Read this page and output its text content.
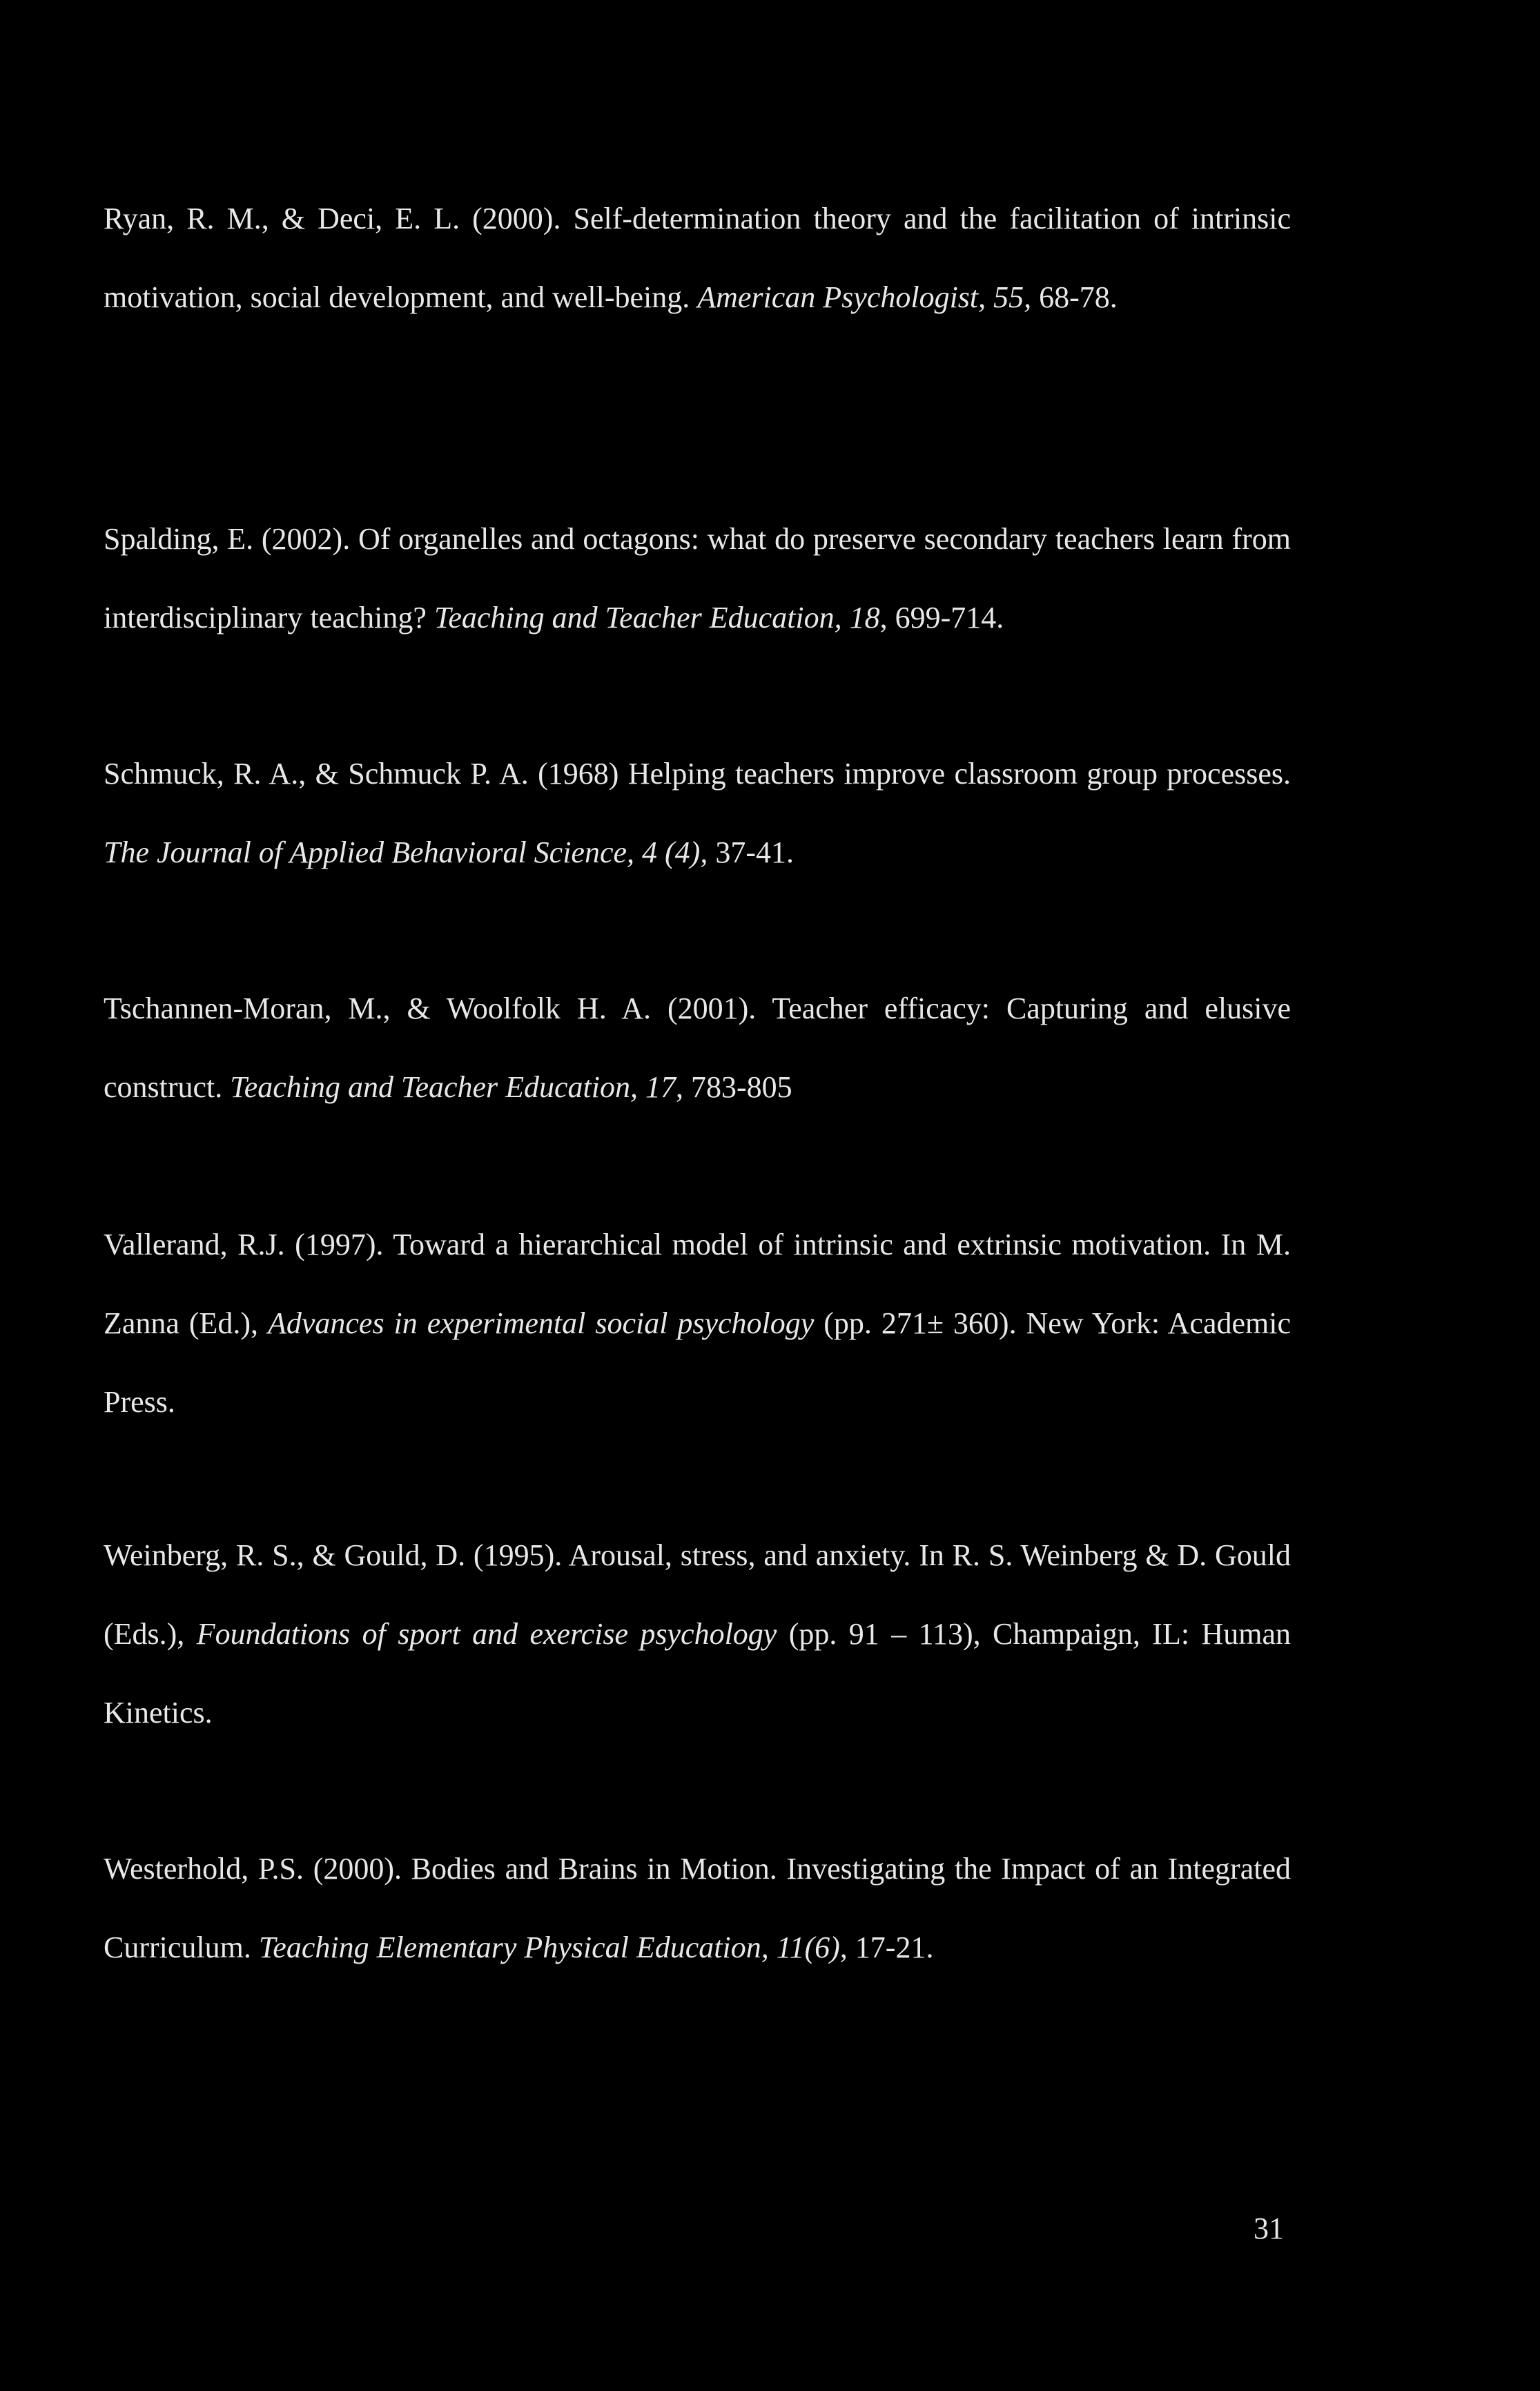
Ryan, R. M., & Deci, E. L. (2000). Self-determination theory and the facilitation of intrinsic motivation, social development, and well-being. American Psychologist, 55, 68-78.

Spalding, E. (2002). Of organelles and octagons: what do preserve secondary teachers learn from interdisciplinary teaching? Teaching and Teacher Education, 18, 699-714.

Schmuck, R. A., & Schmuck P. A. (1968) Helping teachers improve classroom group processes. The Journal of Applied Behavioral Science, 4 (4), 37-41.

Tschannen-Moran, M., & Woolfolk H. A. (2001). Teacher efficacy: Capturing and elusive construct. Teaching and Teacher Education, 17, 783-805

Vallerand, R.J. (1997). Toward a hierarchical model of intrinsic and extrinsic motivation. In M. Zanna (Ed.), Advances in experimental social psychology (pp. 271± 360). New York: Academic Press.

Weinberg, R. S., & Gould, D. (1995). Arousal, stress, and anxiety. In R. S. Weinberg & D. Gould (Eds.), Foundations of sport and exercise psychology (pp. 91 – 113), Champaign, IL: Human Kinetics.

Westerhold, P.S. (2000). Bodies and Brains in Motion. Investigating the Impact of an Integrated Curriculum. Teaching Elementary Physical Education, 11(6), 17-21.

31
